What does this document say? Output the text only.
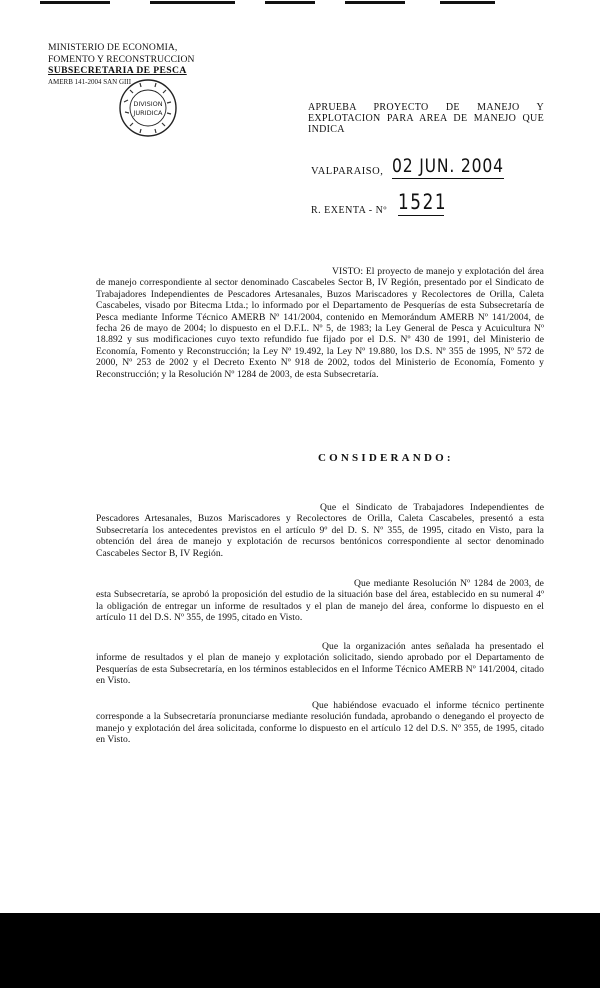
MINISTERIO DE ECONOMIA,
FOMENTO Y RECONSTRUCCION
SUBSECRETARIA DE PESCA
AMERB 141-2004 SAN GIII
DIVISION
JURIDICA	APRUEBA PROYECTO DE MANEJO Y EXPLOTACION PARA AREA DE MANEJO QUE INDICA
VALPARAISO, 02 JUN. 2004
R. EXENTA - Nº 1521
VISTO: El proyecto de manejo y explotación del área de manejo correspondiente al sector denominado Cascabeles Sector B, IV Región, presentado por el Sindicato de Trabajadores Independientes de Pescadores Artesanales, Buzos Mariscadores y Recolectores de Orilla, Caleta Cascabeles, visado por Bitecma Ltda.; lo informado por el Departamento de Pesquerías de esta Subsecretaría de Pesca mediante Informe Técnico AMERB Nº 141/2004, contenido en Memorándum AMERB Nº 141/2004, de fecha 26 de mayo de 2004; lo dispuesto en el D.F.L. Nº 5, de 1983; la Ley General de Pesca y Acuicultura Nº 18.892 y sus modificaciones cuyo texto refundido fue fijado por el D.S. Nº 430 de 1991, del Ministerio de Economía, Fomento y Reconstrucción; la Ley Nº 19.492, la Ley Nº 19.880, los D.S. Nº 355 de 1995, Nº 572 de 2000, Nº 253 de 2002 y el Decreto Exento Nº 918 de 2002, todos del Ministerio de Economía, Fomento y Reconstrucción; y la Resolución Nº 1284 de 2003, de esta Subsecretaría.
CONSIDERANDO:
Que el Sindicato de Trabajadores Independientes de Pescadores Artesanales, Buzos Mariscadores y Recolectores de Orilla, Caleta Cascabeles, presentó a esta Subsecretaría los antecedentes previstos en el artículo 9º del D. S. Nº 355, de 1995, citado en Visto, para la obtención del área de manejo y explotación de recursos bentónicos correspondiente al sector denominado Cascabeles Sector B, IV Región.
Que mediante Resolución Nº 1284 de 2003, de esta Subsecretaría, se aprobó la proposición del estudio de la situación base del área, establecido en su numeral 4º la obligación de entregar un informe de resultados y el plan de manejo del área, conforme lo dispuesto en el artículo 11 del D.S. Nº 355, de 1995, citado en Visto.
Que la organización antes señalada ha presentado el informe de resultados y el plan de manejo y explotación solicitado, siendo aprobado por el Departamento de Pesquerías de esta Subsecretaría, en los términos establecidos en el Informe Técnico AMERB Nº 141/2004, citado en Visto.
Que habiéndose evacuado el informe técnico pertinente corresponde a la Subsecretaría pronunciarse mediante resolución fundada, aprobando o denegando el proyecto de manejo y explotación del área solicitada, conforme lo dispuesto en el artículo 12 del D.S. Nº 355, de 1995, citado en Visto.
